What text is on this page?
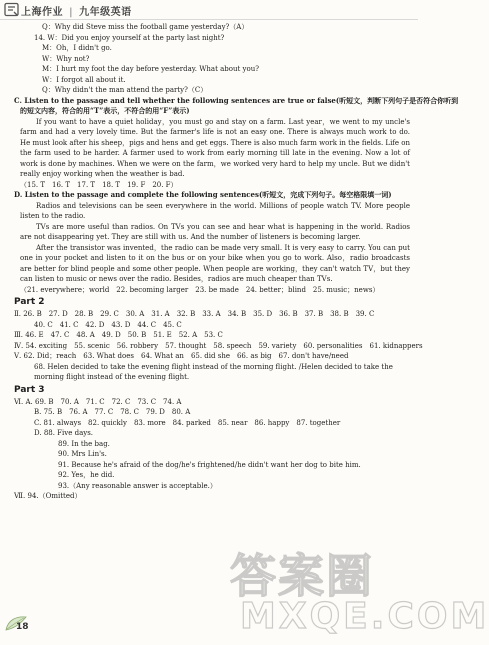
上海作业 | 九年级英语
Q：Why did Steve miss the football game yesterday?（A）
14. W：Did you enjoy yourself at the party last night?
M：Oh，I didn't go.
W：Why not?
M：I hurt my foot the day before yesterday. What about you?
W：I forgot all about it.
Q：Why didn't the man attend the party?（C）
C. Listen to the passage and tell whether the following sentences are true or false(听短文，判断下列句子是否符合你听到
的短文内容，符合的用“T”表示，不符合的用“F”表示)
If you want to have a quiet holiday，you must go and stay on a farm. Last year，we went to my uncle's farm and had a very lovely time. But the farmer's life is not an easy one. There is always much work to do. He must look after his sheep，pigs and hens and get eggs. There is also much farm work in the fields. Life on the farm used to be harder. A farmer used to work from early morning till late in the evening. Now a lot of work is done by machines. When we were on the farm，we worked very hard to help my uncle. But we didn't really enjoy working when the weather is bad.
（15. T　16. T　17. T　18. T　19. F　20. F）
D. Listen to the passage and complete the following sentences(听短文，完成下列句子。每空格限填一词)
Radios and televisions can be seen everywhere in the world. Millions of people watch TV. More people listen to the radio.
TVs are more useful than radios. On TVs you can see and hear what is happening in the world. Radios are not disappearing yet. They are still with us. And the number of listeners is becoming larger.
After the transistor was invented，the radio can be made very small. It is very easy to carry. You can put one in your pocket and listen to it on the bus or on your bike when you go to work. Also，radio broadcasts are better for blind people and some other people. When people are working，they can't watch TV，but they can listen to music or news over the radio. Besides，radios are much cheaper than TVs.
（21. everywhere；world　22. becoming larger　23. be made　24. better；blind　25. music；news）
Part 2
Ⅱ. 26. B　27. D　28. B　29. C　30. A　31. A　32. B　33. A　34. B　35. D　36. B　37. B　38. B　39. C
40. C　41. C　42. D　43. D　44. C　45. C
Ⅲ. 46. E　47. C　48. A　49. D　50. B　51. E　52. A　53. C
Ⅳ. 54. exciting　55. scenic　56. robbery　57. thought　58. speech　59. variety　60. personalities　61. kidnappers
Ⅴ. 62. Did；reach　63. What does　64. What an　65. did she　66. as big　67. don't have/need
68. Helen decided to take the evening flight instead of the morning flight. /Helen decided to take the morning flight instead of the evening flight.
Part 3
Ⅵ. A. 69. B　70. A　71. C　72. C　73. C　74. A
B. 75. B　76. A　77. C　78. C　79. D　80. A
C. 81. always　82. quickly　83. more　84. parked　85. near　86. happy　87. together
D. 88. Five days.
89. In the bag.
90. Mrs Lin's.
91. Because he's afraid of the dog/he's frightened/he didn't want her dog to bite him.
92. Yes，he did.
93.（Any reasonable answer is acceptable.）
Ⅶ. 94.（Omitted）
答案圈
MXQE.COM
18
